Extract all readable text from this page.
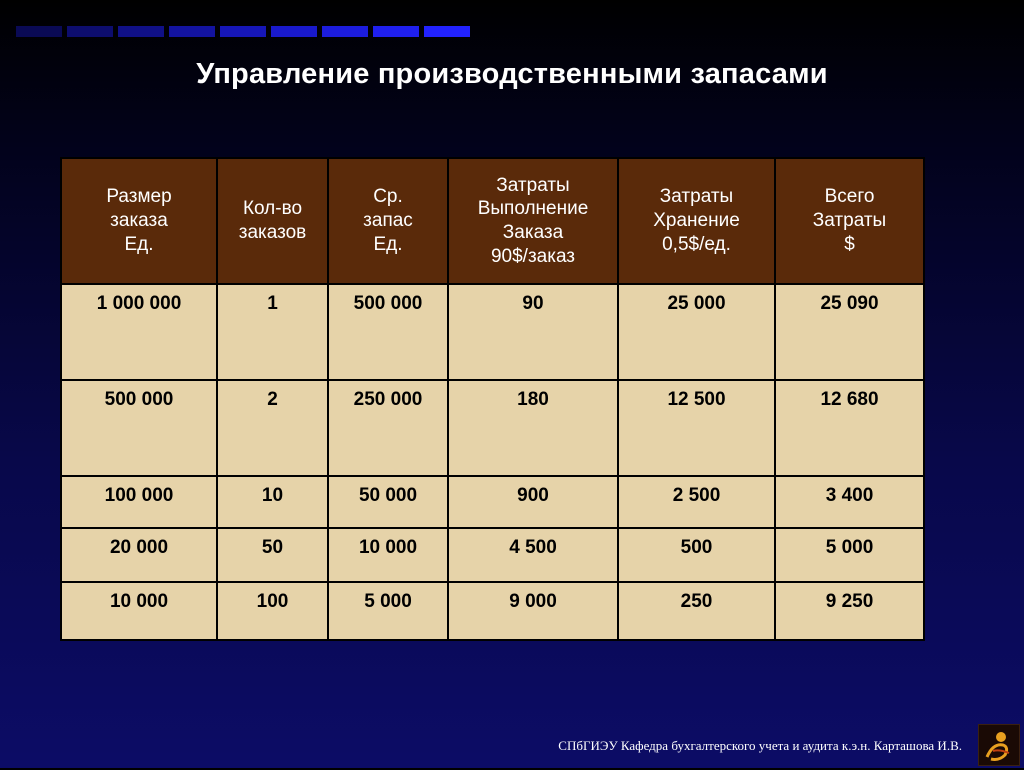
Управление производственными запасами
Размер
заказа
Ед.	Кол-во
заказов	Ср.
запас
Ед.	Затраты
Выполнение
Заказа
90$/заказ	Затраты
Хранение
0,5$/ед.	Всего
Затраты
$

1 000 000	1	500 000	90	25 000	25 090
500 000	2	250 000	180	12 500	12 680
100 000	10	50 000	900	2 500	3 400
20 000	50	10 000	4 500	500	5 000
10 000	100	5 000	9 000	250	9 250
СПбГИЭУ Кафедра бухгалтерского учета и аудита к.э.н. Карташова И.В.
